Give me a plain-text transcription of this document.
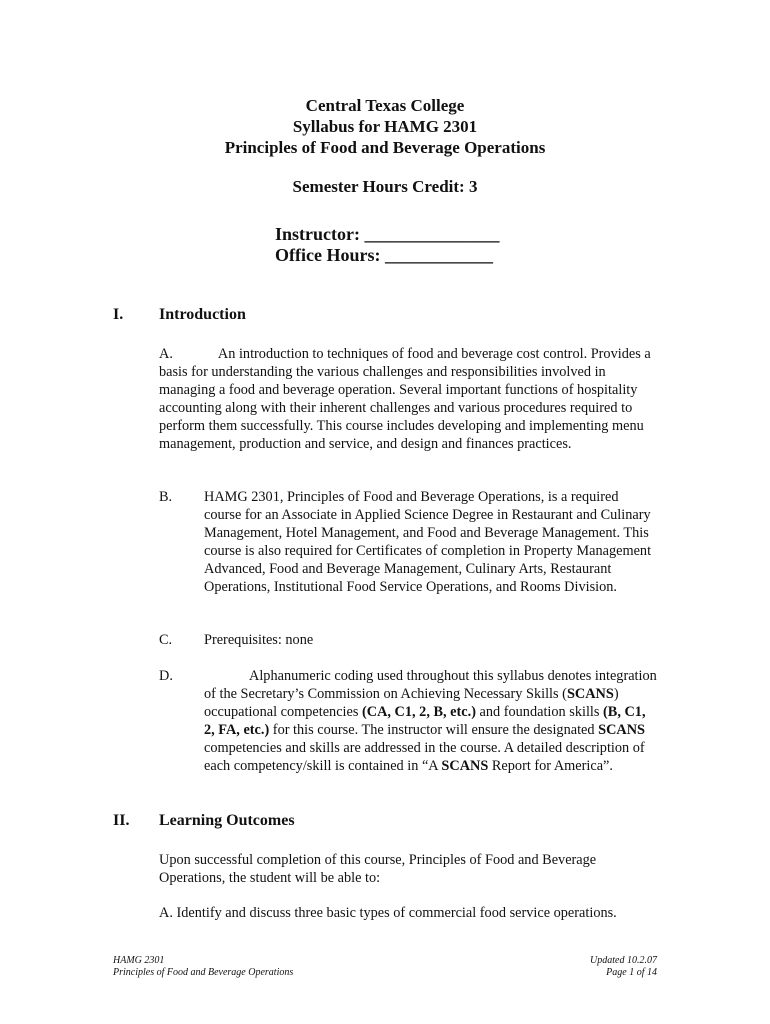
Central Texas College
Syllabus for HAMG 2301
Principles of Food and Beverage Operations
Semester Hours Credit: 3
Instructor: _______________
Office Hours: ____________
I. Introduction
A.	An introduction to techniques of food and beverage cost control. Provides a basis for understanding the various challenges and responsibilities involved in managing a food and beverage operation. Several important functions of hospitality accounting along with their inherent challenges and various procedures required to perform them successfully. This course includes developing and implementing menu management, production and service, and design and finances practices.
B. HAMG 2301, Principles of Food and Beverage Operations, is a required course for an Associate in Applied Science Degree in Restaurant and Culinary Management, Hotel Management, and Food and Beverage Management. This course is also required for Certificates of completion in Property Management Advanced, Food and Beverage Management, Culinary Arts, Restaurant Operations, Institutional Food Service Operations, and Rooms Division.
C. Prerequisites: none
D.	Alphanumeric coding used throughout this syllabus denotes integration of the Secretary’s Commission on Achieving Necessary Skills (SCANS) occupational competencies (CA, C1, 2, B, etc.) and foundation skills (B, C1, 2, FA, etc.) for this course. The instructor will ensure the designated SCANS competencies and skills are addressed in the course. A detailed description of each competency/skill is contained in “A SCANS Report for America”.
II. Learning Outcomes
Upon successful completion of this course, Principles of Food and Beverage Operations, the student will be able to:
A. Identify and discuss three basic types of commercial food service operations.
HAMG 2301
Principles of Food and Beverage Operations
Updated 10.2.07
Page 1 of 14
